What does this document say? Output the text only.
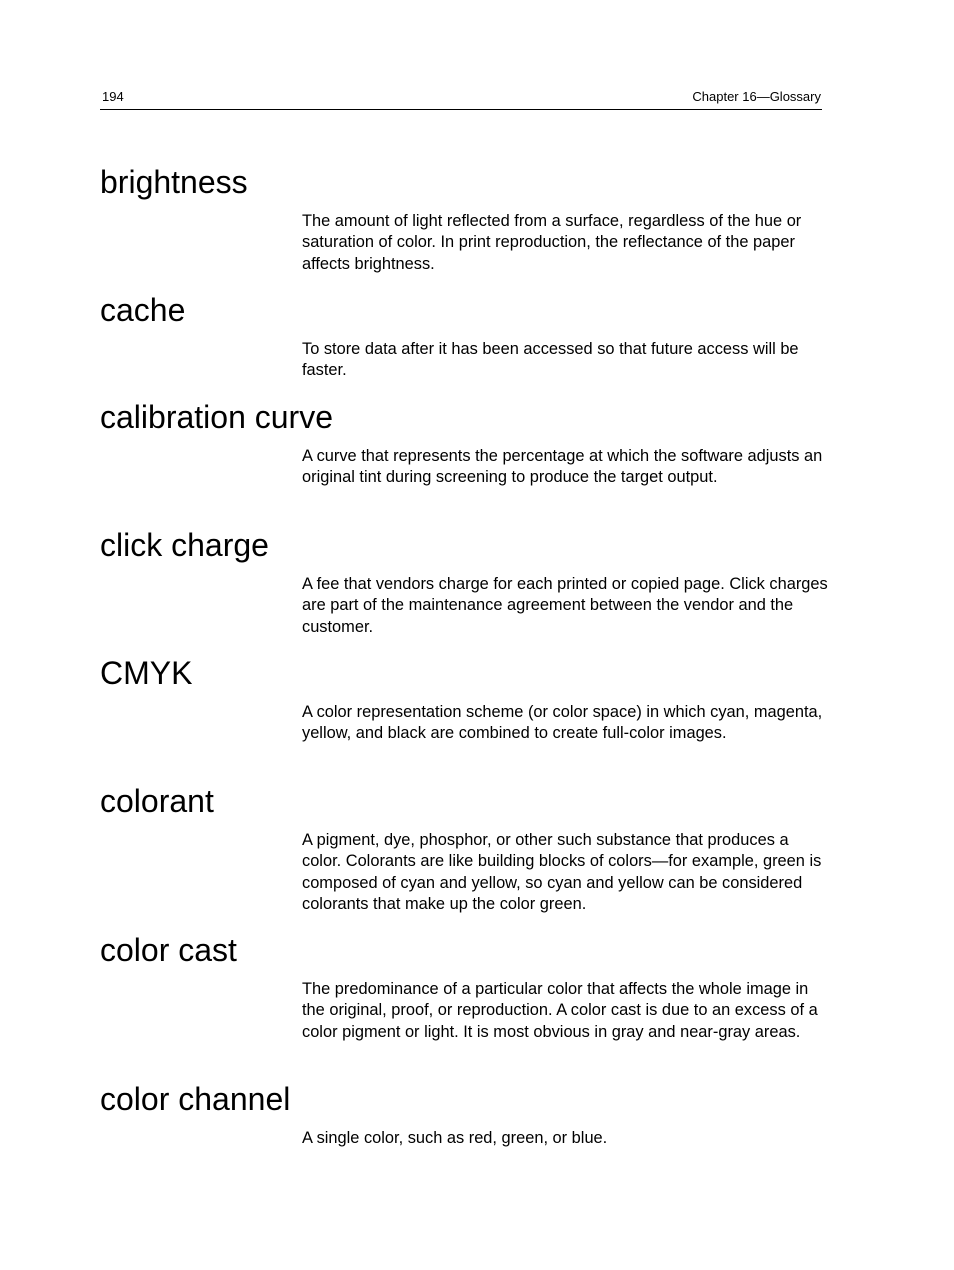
194	Chapter 16—Glossary
brightness

The amount of light reflected from a surface, regardless of the hue or saturation of color. In print reproduction, the reflectance of the paper affects brightness.

cache

To store data after it has been accessed so that future access will be faster.

calibration curve

A curve that represents the percentage at which the software adjusts an original tint during screening to produce the target output.

click charge

A fee that vendors charge for each printed or copied page. Click charges are part of the maintenance agreement between the vendor and the customer.

CMYK

A color representation scheme (or color space) in which cyan, magenta, yellow, and black are combined to create full-color images.

colorant

A pigment, dye, phosphor, or other such substance that produces a color. Colorants are like building blocks of colors—for example, green is composed of cyan and yellow, so cyan and yellow can be considered colorants that make up the color green.

color cast

The predominance of a particular color that affects the whole image in the original, proof, or reproduction. A color cast is due to an excess of a color pigment or light. It is most obvious in gray and near-gray areas.

color channel

A single color, such as red, green, or blue.
